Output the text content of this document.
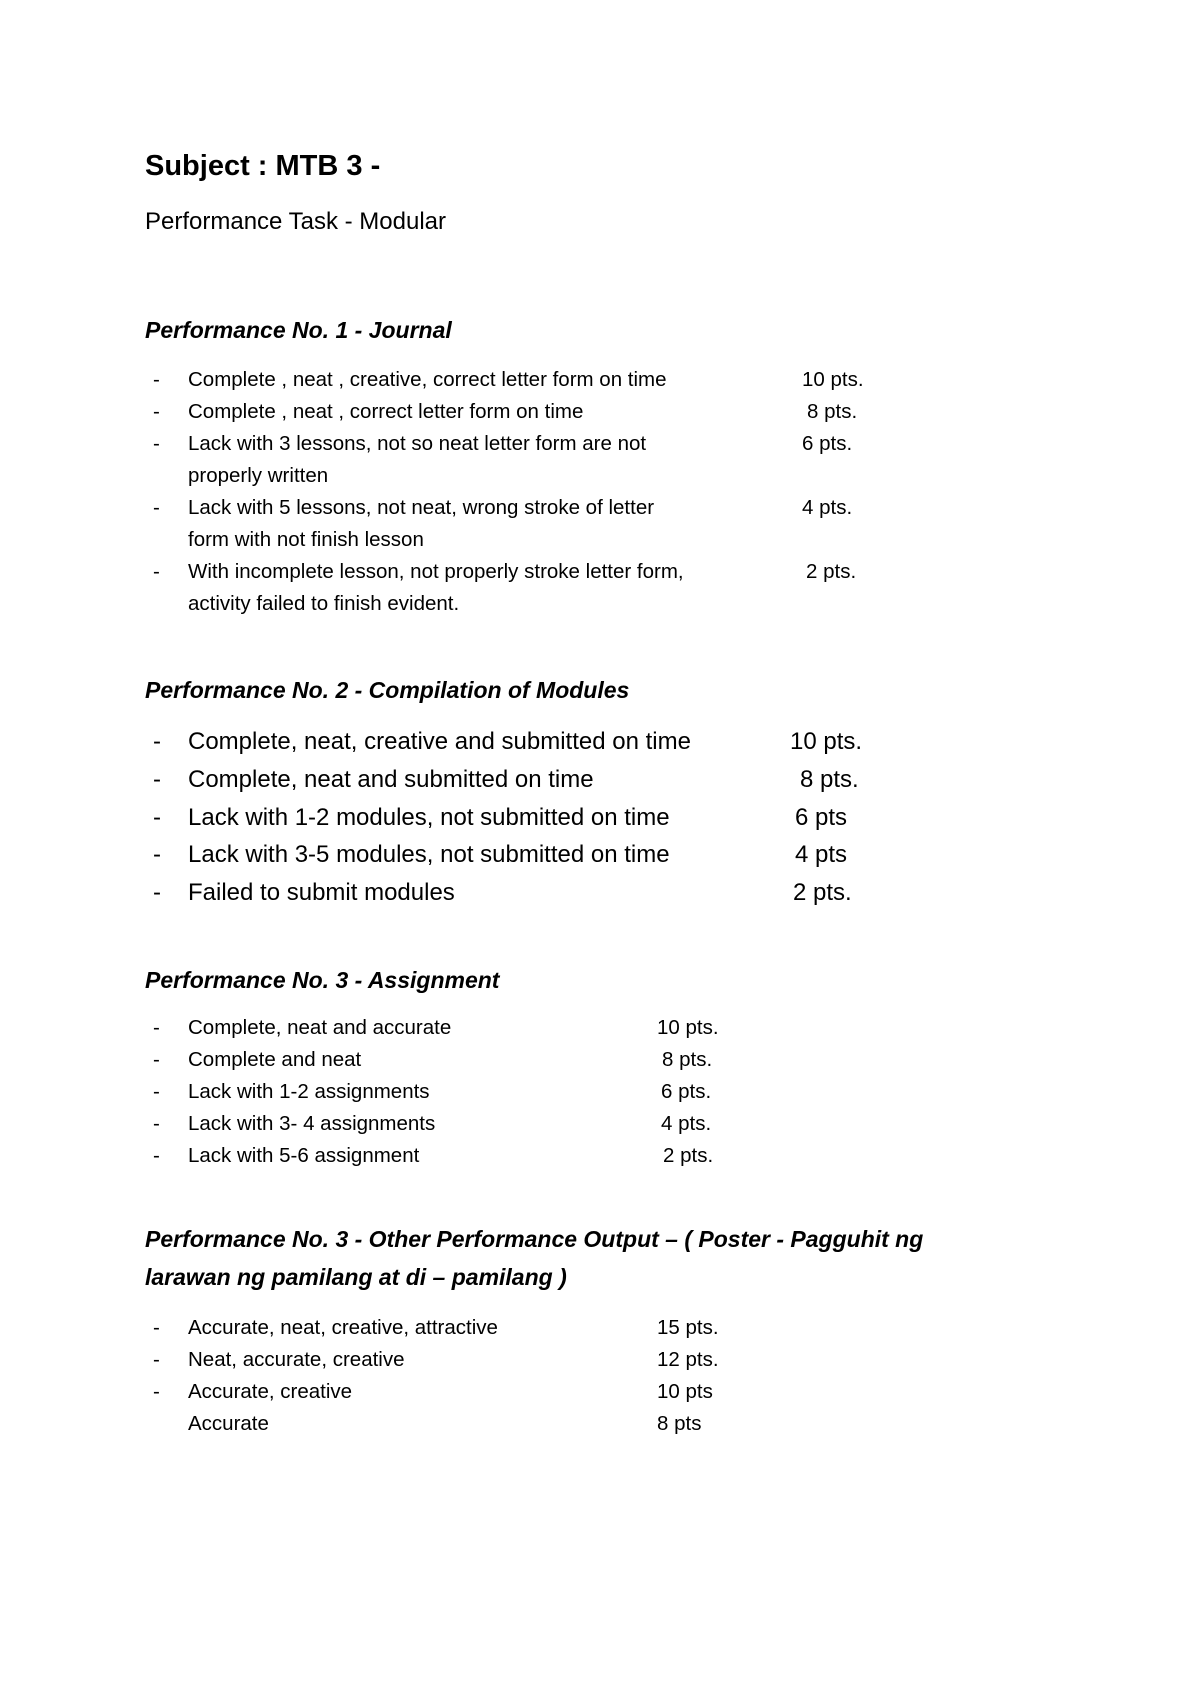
Subject : MTB 3 -
Performance Task - Modular
Performance No. 1 - Journal
- Complete , neat , creative, correct letter form on time	10 pts.
- Complete , neat , correct letter form on time	8 pts.
- Lack with 3 lessons, not so neat letter form are not	6 pts.
properly written
- Lack with 5 lessons, not neat, wrong stroke of letter	4 pts.
form with not finish lesson
- With incomplete lesson, not properly stroke letter form,	2 pts.
activity failed to finish evident.
Performance No. 2 - Compilation of Modules
- Complete, neat, creative and submitted on time	10 pts.
- Complete, neat and submitted on time	8 pts.
- Lack with 1-2 modules, not submitted on time	6 pts
- Lack with 3-5 modules, not submitted on time	4 pts
- Failed to submit modules	2 pts.
Performance No. 3 - Assignment
- Complete, neat and accurate	10 pts.
- Complete and neat	8 pts.
- Lack with 1-2 assignments	6 pts.
- Lack with 3- 4 assignments	4 pts.
- Lack with 5-6 assignment	2 pts.
Performance No. 3 - Other Performance Output – ( Poster - Pagguhit ng
larawan ng pamilang at di – pamilang )
- Accurate, neat, creative, attractive	15 pts.
- Neat, accurate, creative	12 pts.
- Accurate, creative	10 pts
Accurate	8 pts
